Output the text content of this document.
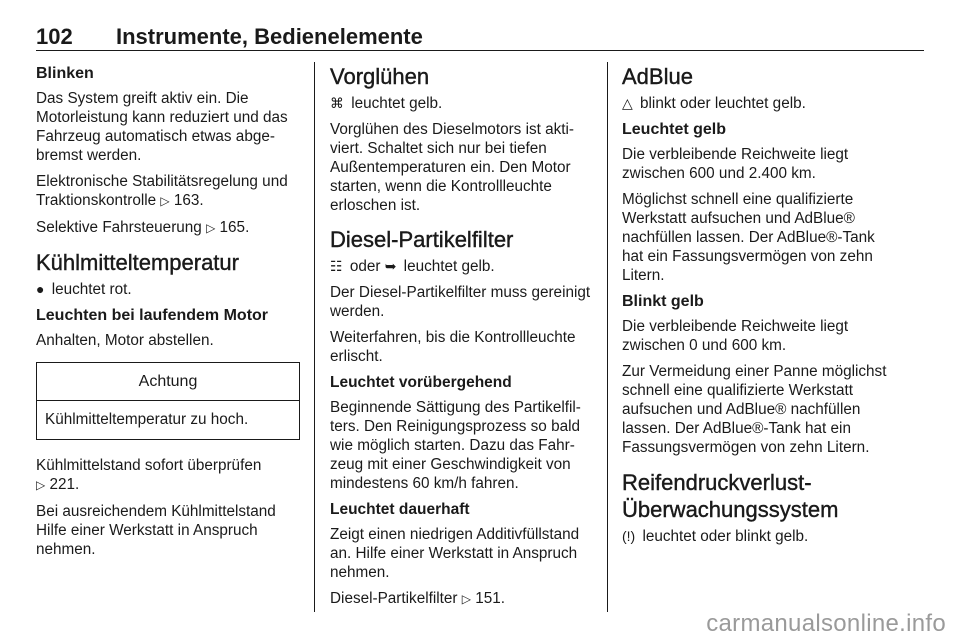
102 Instrumente, Bedienelemente
Blinken

Das System greift aktiv ein. Die Motorleistung kann reduziert und das Fahrzeug automatisch etwas abgebremst werden.

Elektronische Stabilitätsregelung und Traktionskontrolle ▷ 163.

Selektive Fahrsteuerung ▷ 165.

Kühlmitteltemperatur

● leuchtet rot.

Leuchten bei laufendem Motor

Anhalten, Motor abstellen.

Achtung
Kühlmitteltemperatur zu hoch.

Kühlmittelstand sofort überprüfen
▷ 221.

Bei ausreichendem Kühlmittelstand Hilfe einer Werkstatt in Anspruch nehmen.

Vorglühen

⌘ leuchtet gelb.

Vorglühen des Dieselmotors ist aktiviert. Schaltet sich nur bei tiefen Außentemperaturen ein. Den Motor starten, wenn die Kontrollleuchte erloschen ist.

Diesel-Partikelfilter

☷ oder ➥ leuchtet gelb.

Der Diesel-Partikelfilter muss gereinigt werden.

Weiterfahren, bis die Kontrollleuchte erlischt.

Leuchtet vorübergehend

Beginnende Sättigung des Partikelfilters. Den Reinigungsprozess so bald wie möglich starten. Dazu das Fahrzeug mit einer Geschwindigkeit von mindestens 60 km/h fahren.

Leuchtet dauerhaft

Zeigt einen niedrigen Additivfüllstand an. Hilfe einer Werkstatt in Anspruch nehmen.

Diesel-Partikelfilter ▷ 151.

AdBlue

△ blinkt oder leuchtet gelb.

Leuchtet gelb

Die verbleibende Reichweite liegt zwischen 600 und 2.400 km.

Möglichst schnell eine qualifizierte Werkstatt aufsuchen und AdBlue® nachfüllen lassen. Der AdBlue®-Tank hat ein Fassungsvermögen von zehn Litern.

Blinkt gelb

Die verbleibende Reichweite liegt zwischen 0 und 600 km.

Zur Vermeidung einer Panne möglichst schnell eine qualifizierte Werkstatt aufsuchen und AdBlue® nachfüllen lassen. Der AdBlue®-Tank hat ein Fassungsvermögen von zehn Litern.

Reifendruckverlust-
Überwachungssystem

(!) leuchtet oder blinkt gelb.

carmanualsonline.info
